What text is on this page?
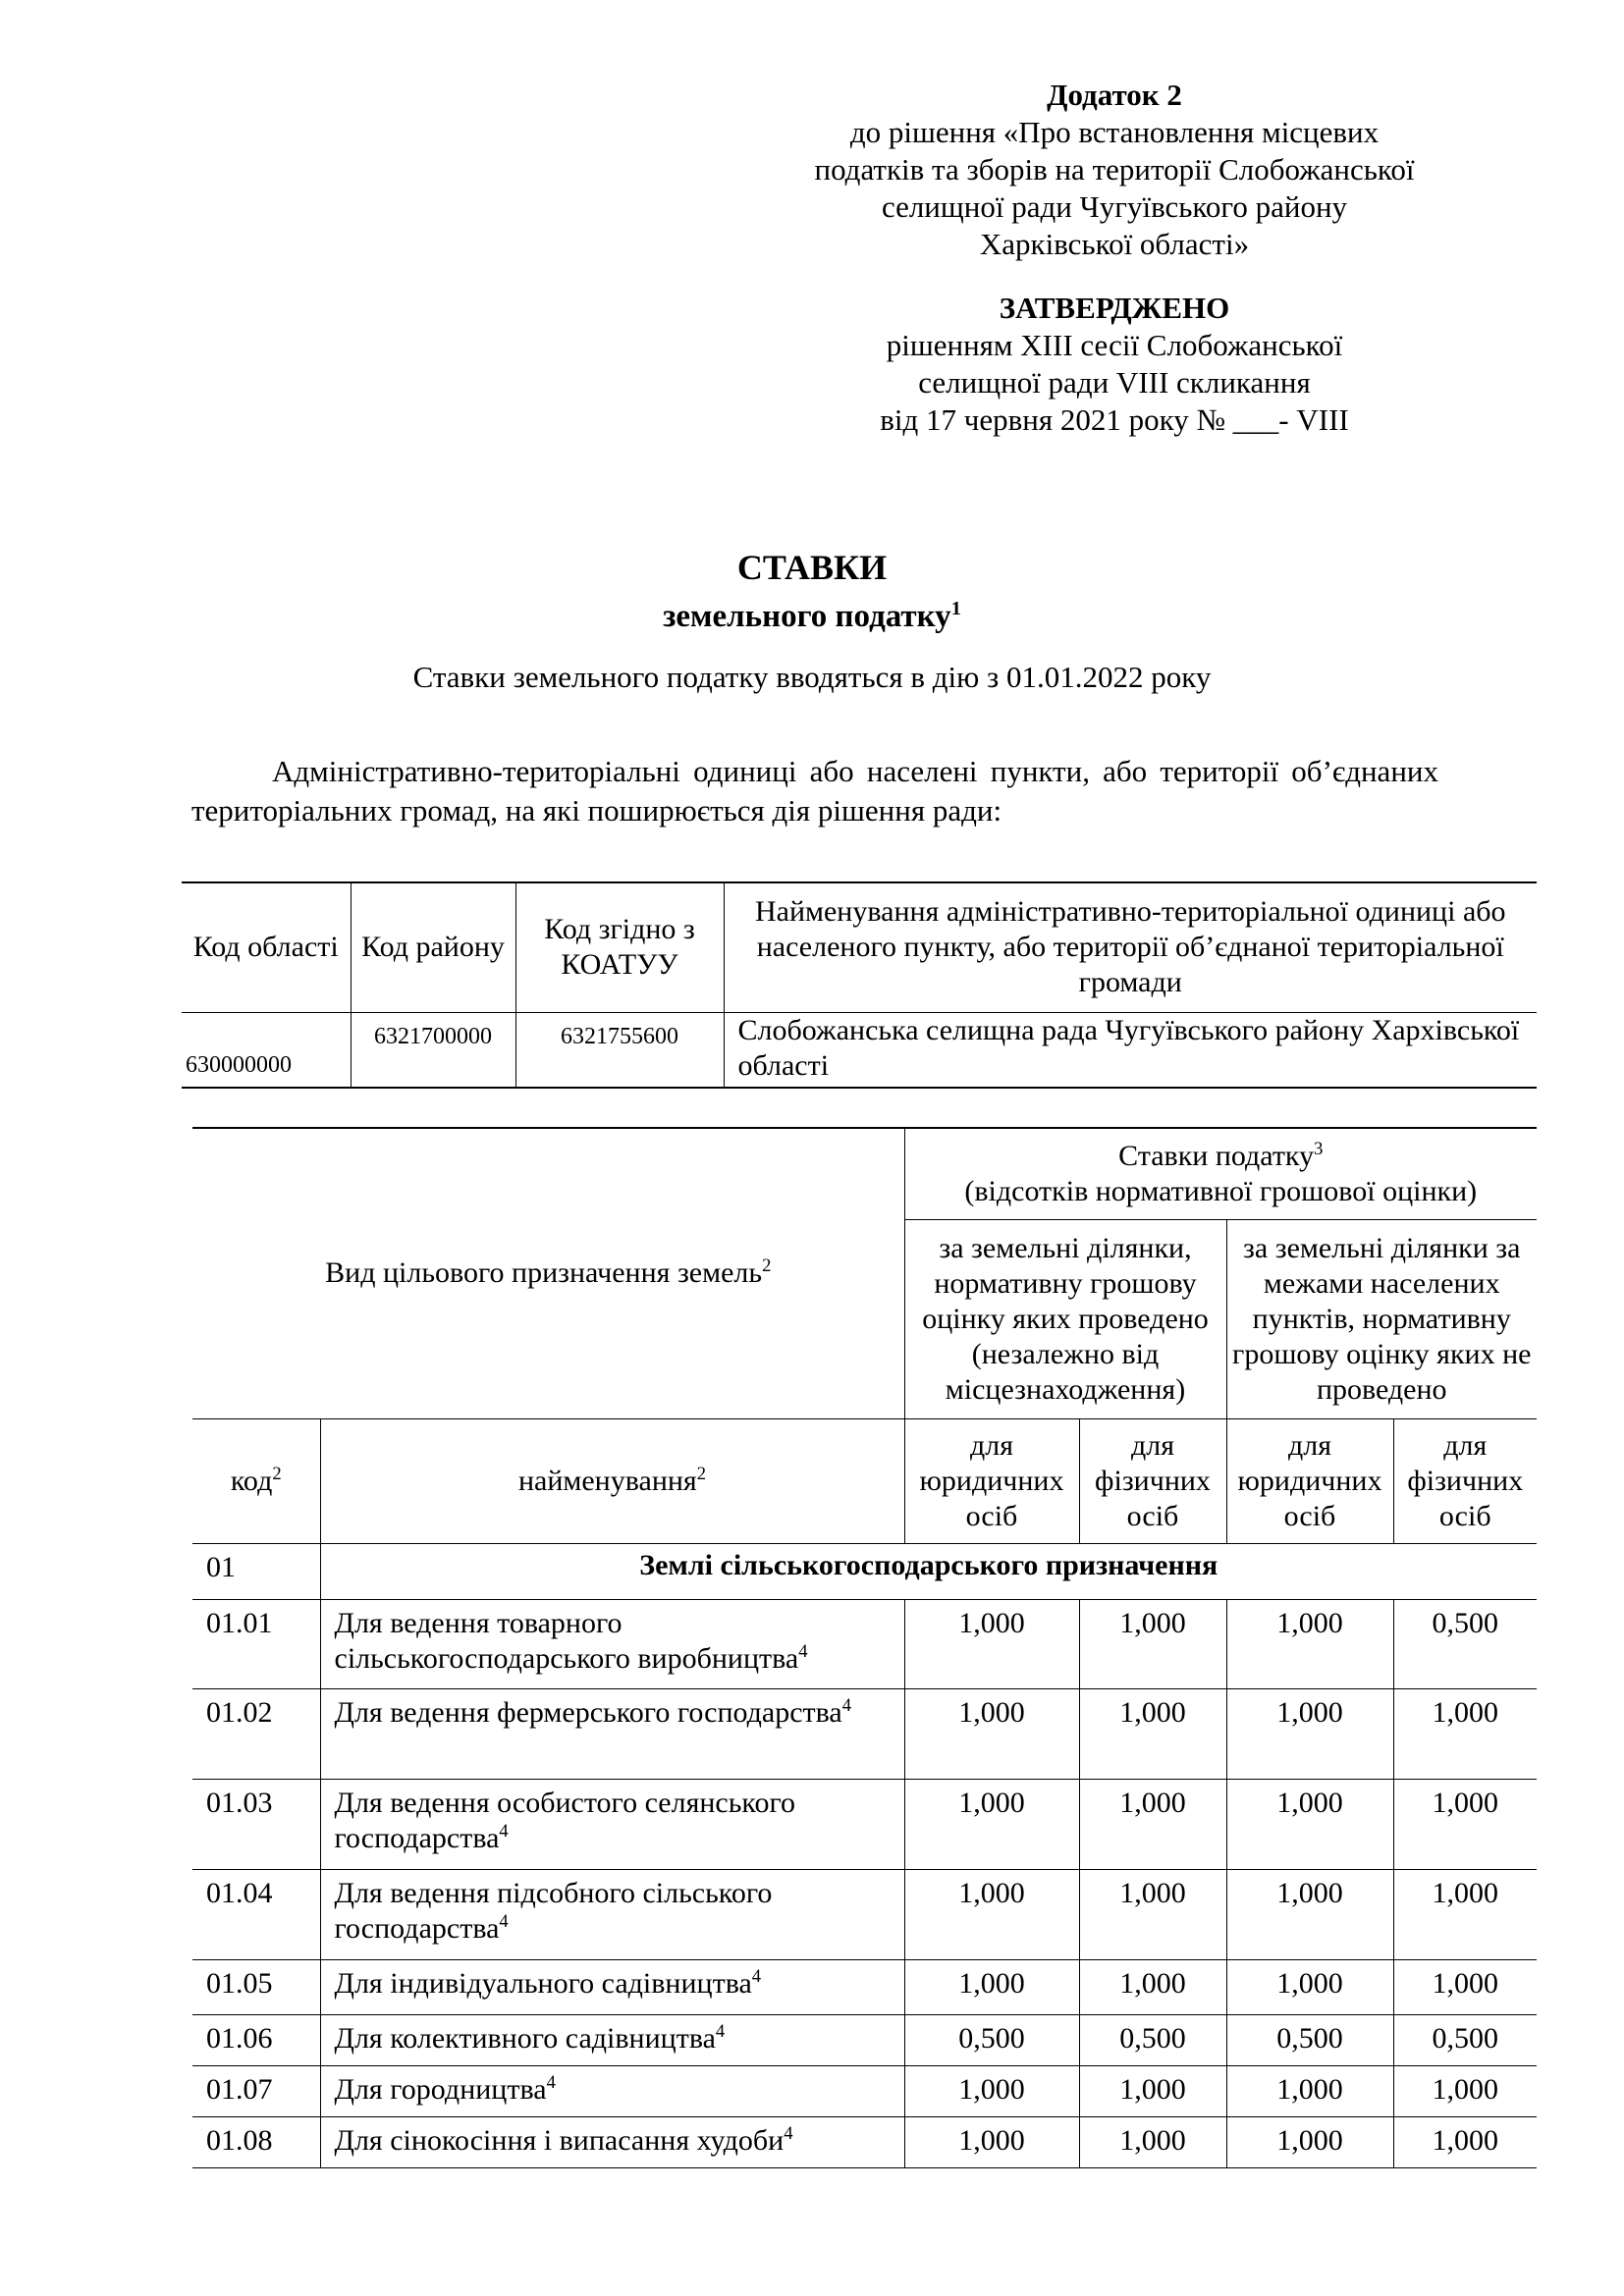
Додаток 2
до рішення «Про встановлення місцевих
податків та зборів на території Слобожанської
селищної ради Чугуївського району
Харківської області»
ЗАТВЕРДЖЕНО
рішенням XIII сесії Слобожанської
селищної ради VIII скликання
від 17 червня 2021 року № ___- VIII
СТАВКИ
земельного податку$^1$
Ставки земельного податку вводяться в дію з 01.01.2022 року
Адміністративно-територіальні одиниці або населені пункти, або території об’єднаних територіальних громад, на які поширюється дія рішення ради:
Код області	Код району	Код згідно з КОАТУУ	Найменування адміністративно-територіальної одиниці або населеного пункту, або території об’єднаної територіальної громади
630000000	6321700000	6321755600	Слобожанська селищна рада Чугуївського району Хархівської області
Вид цільового призначення земель$^2$		Ставки податку$^3$
(відсотків нормативної грошової оцінки)			

		за земельні ділянки, нормативну грошову оцінку яких проведено (незалежно від місцезнаходження)		за земельні ділянки за межами населених пунктів, нормативну грошову оцінку яких не проведено	
код$^2$	найменування$^2$	для юридичних осіб	для фізичних осіб	для юридичних осіб	для фізичних осіб
01	Землі сільськогосподарського призначення				
01.01	Для ведення товарного сільськогосподарського виробництва$^4$	1,000	1,000	1,000	0,500
01.02	Для ведення фермерського господарства$^4$	1,000	1,000	1,000	1,000
01.03	Для ведення особистого селянського господарства$^4$	1,000	1,000	1,000	1,000
01.04	Для ведення підсобного сільського господарства$^4$	1,000	1,000	1,000	1,000
01.05	Для індивідуального садівництва$^4$	1,000	1,000	1,000	1,000
01.06	Для колективного садівництва$^4$	0,500	0,500	0,500	0,500
01.07	Для городництва$^4$	1,000	1,000	1,000	1,000
01.08	Для сінокосіння і випасання худоби$^4$	1,000	1,000	1,000	1,000
